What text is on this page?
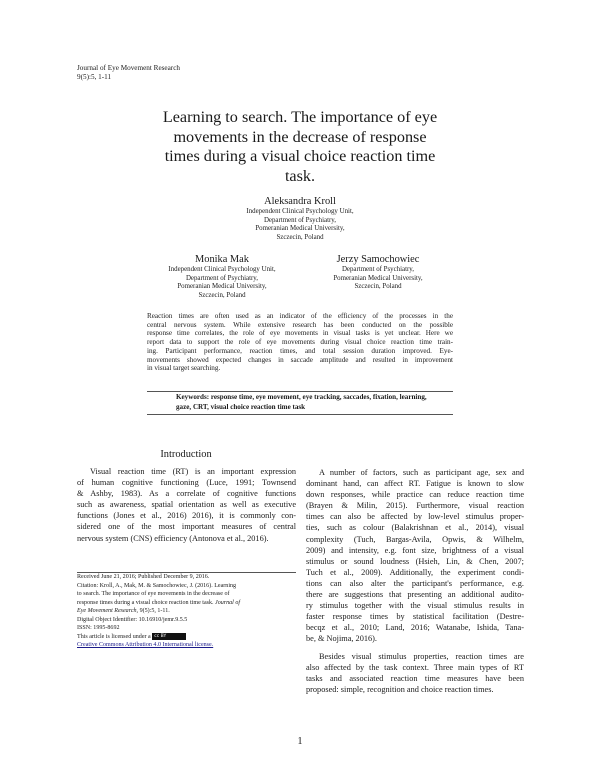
Journal of Eye Movement Research
9(5):5, 1-11
Learning to search. The importance of eye
movements in the decrease of response
times during a visual choice reaction time
task.
Aleksandra Kroll
Independent Clinical Psychology Unit,
Department of Psychiatry,
Pomeranian Medical University,
Szczecin, Poland
Monika Mak
Independent Clinical Psychology Unit,
Department of Psychiatry,
Pomeranian Medical University,
Szczecin, Poland
Jerzy Samochowiec
Department of Psychiatry,
Pomeranian Medical University,
Szczecin, Poland
Reaction times are often used as an indicator of the efficiency of the processes in the
central nervous system. While extensive research has been conducted on the possible
response time correlates, the role of eye movements in visual tasks is yet unclear. Here we
report data to support the role of eye movements during visual choice reaction time train-
ing. Participant performance, reaction times, and total session duration improved. Eye-
movements showed expected changes in saccade amplitude and resulted in improvement
in visual target searching.
Keywords: response time, eye movement, eye tracking, saccades, fixation, learning,
gaze, CRT, visual choice reaction time task
Introduction
Visual reaction time (RT) is an important expression
of human cognitive functioning (Luce, 1991; Townsend
& Ashby, 1983). As a correlate of cognitive functions
such as awareness, spatial orientation as well as executive
functions (Jones et al., 2016) 2016), it is commonly con-
sidered one of the most important measures of central
nervous system (CNS) efficiency (Antonova et al., 2016).
Received June 21, 2016; Published December 9, 2016.
Citation: Kroll, A., Mak, M. & Samochowiec, J. (2016). Learning
to search. The importance of eye movements in the decrease of
response times during a visual choice reaction time task. Journal of
Eye Movement Research, 9(5):5, 1-11.
Digital Object Identifier: 10.16910/jemr.9.5.5
ISSN: 1995-8692
This article is licensed under a cc BY
Creative Commons Attribution 4.0 International license.
A number of factors, such as participant age, sex and
dominant hand, can affect RT. Fatigue is known to slow
down responses, while practice can reduce reaction time
(Brayen & Milin, 2015). Furthermore, visual reaction
times can also be affected by low-level stimulus proper-
ties, such as colour (Balakrishnan et al., 2014), visual
complexity (Tuch, Bargas-Avila, Opwis, & Wilhelm,
2009) and intensity, e.g. font size, brightness of a visual
stimulus or sound loudness (Hsieh, Lin, & Chen, 2007;
Tuch et al., 2009). Additionally, the experiment condi-
tions can also alter the participant's performance, e.g.
there are suggestions that presenting an additional audito-
ry stimulus together with the visual stimulus results in
faster response times by statistical facilitation (Destre-
becqz et al., 2010; Land, 2016; Watanabe, Ishida, Tana-
be, & Nojima, 2016).
Besides visual stimulus properties, reaction times are
also affected by the task context. Three main types of RT
tasks and associated reaction time measures have been
proposed: simple, recognition and choice reaction times.
1
